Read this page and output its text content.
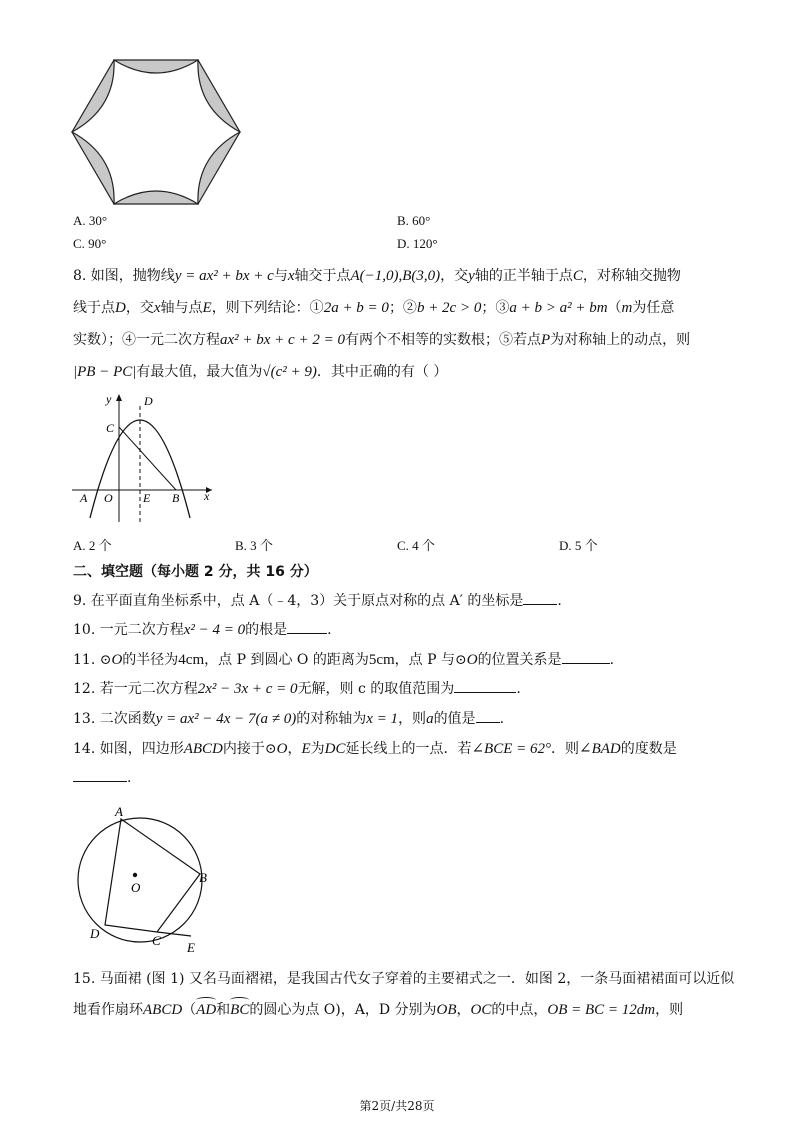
A. 30°	B. 60°
C. 90°	D. 120°
8. 如图，抛物线y = ax² + bx + c与x轴交于点A(−1,0),B(3,0)，交y轴的正半轴于点C，对称轴交抛物
线于点D，交x轴与点E，则下列结论：①2a + b = 0；②b + 2c > 0；③a + b > a² + bm（m为任意
实数）；④一元二次方程ax² + bx + c + 2 = 0有两个不相等的实数根；⑤若点P为对称轴上的动点，则
|PB − PC|有最大值，最大值为√(c² + 9)．其中正确的有（ ）
y	D
C
A O	E B x
A. 2 个	B. 3 个	C. 4 个	D. 5 个
二、填空题（每小题 2 分，共 16 分）
9. 在平面直角坐标系中，点 A（﹣4，3）关于原点对称的点 A′ 的坐标是 .
10. 一元二次方程x² − 4 = 0的根是	.
11. ⊙O的半径为4cm，点 P 到圆心 O 的距离为5cm，点 P 与⊙O的位置关系是	.
12. 若一元二次方程2x² − 3x + c = 0无解，则 c 的取值范围为	.
13. 二次函数y = ax² − 4x − 7(a ≠ 0)的对称轴为x = 1，则a的值是 .
14. 如图，四边形ABCD内接于⊙O，E为DC延长线上的一点．若∠BCE = 62°．则∠BAD的度数是
.
A
O
B
D	C E
15. 马面裙 (图 1) 又名马面褶裙，是我国古代女子穿着的主要裙式之一．如图 2，一条马面裙裙面可以近似
地看作扇环ABCD（AD和BC的圆心为点 O)，A，D 分别为OB，OC的中点，OB = BC = 12dm，则
第2页/共28页
